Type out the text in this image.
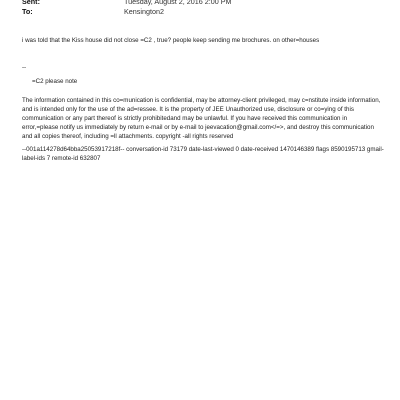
Sent:	Tuesday, August 2, 2016 2:00 PM
To:	Kensington2

i was told that the Kiss house did not close =C2 , true? people keep sending me brochures. on other=houses

--

=C2 please note

The information contained in this co=munication is confidential, may be attorney-client privileged, may c=nstitute inside information, and is intended only for the use of the ad=ressee. It is the property of JEE Unauthorized use, disclosure or co=ying of this communication or any part thereof is strictly prohibitedand may be unlawful. If you have received this communication in error,=please notify us immediately by return e-mail or by e-mail to jeevacation@gmail.com</=>, and destroy this communication and all copies thereof, including =ll attachments. copyright -all rights reserved

--001a114278d64bba25053917218f-- conversation-id 73179 date-last-viewed 0 date-received 1470146389 flags 8590195713 gmail-label-ids 7 remote-id 632807
